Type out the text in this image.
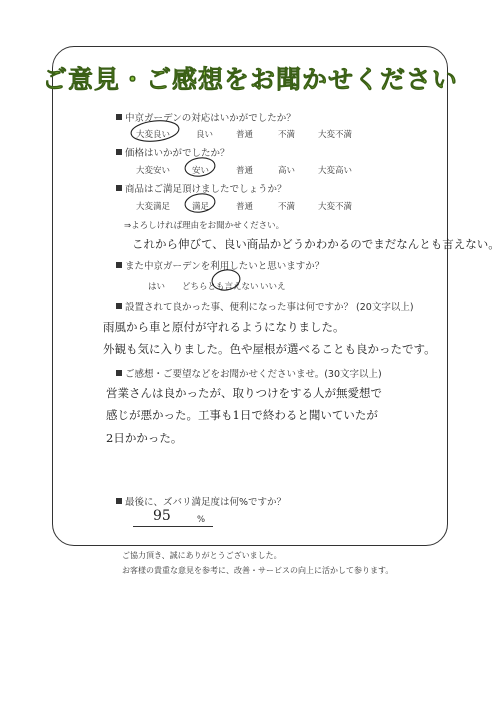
ご意見・ご感想をお聞かせください
中京ガーデンの対応はいかがでしたか？
大変良い	良い	普通	不満	大変不満
価格はいかがでしたか？
大変安い	安い	普通	高い	大変高い
商品はご満足頂けましたでしょうか？
大変満足	満足	普通	不満	大変不満
⇒よろしければ理由をお聞かせください。
これから伸びて、良い商品かどうかわかるのでまだなんとも言えない。
また中京ガーデンを利用したいと思いますか？
はい どちらとも言えない いいえ
設置されて良かった事、便利になった事は何ですか？ (20文字以上)
雨風から車と原付が守れるようになりました。
外観も気に入りました。色や屋根が選べることも良かったです。
ご感想・ご要望などをお聞かせくださいませ。(30文字以上)
営業さんは良かったが、取りつけをする人が無愛想で
感じが悪かった。工事も1日で終わると聞いていたが
2日かかった。
最後に、ズバリ満足度は何%ですか？
95	%
ご協力頂き、誠にありがとうございました。
お客様の貴重な意見を参考に、改善・サービスの向上に活かして参ります。
